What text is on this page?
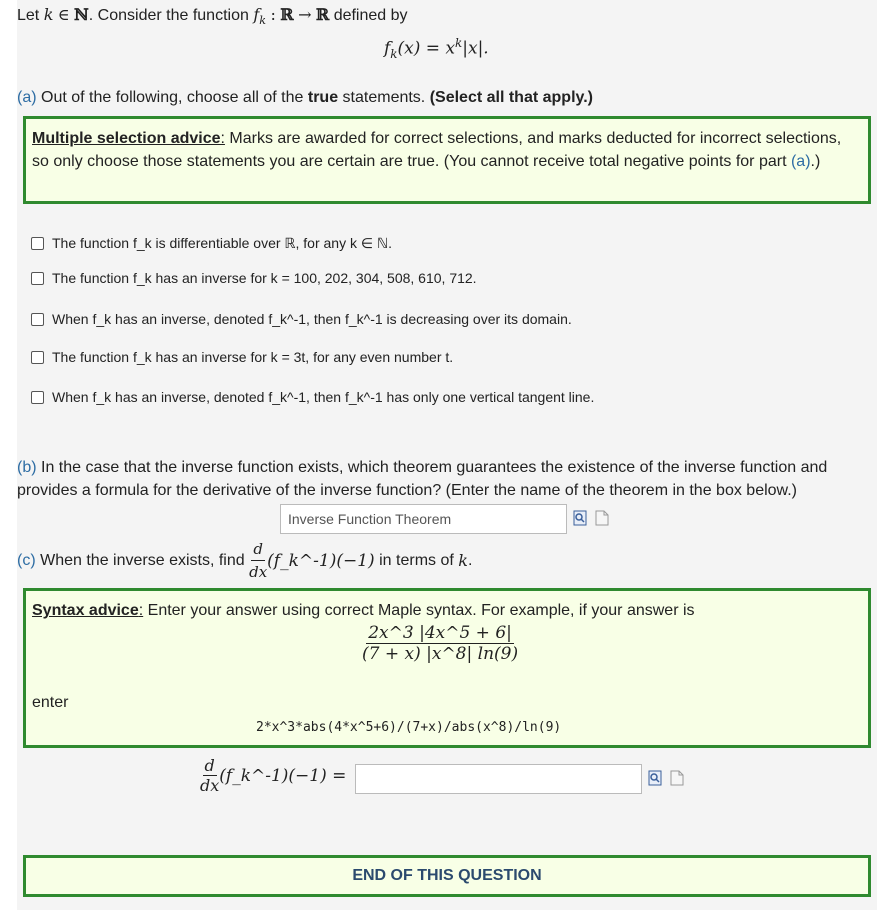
Let k ∈ ℕ. Consider the function $f_k$ : ℝ → ℝ defined by
$f_k(x) = x^k|x|$.
(a) Out of the following, choose all of the true statements. (Select all that apply.)
Multiple selection advice: Marks are awarded for correct selections, and marks deducted for incorrect selections, so only choose those statements you are certain are true. (You cannot receive total negative points for part (a).)
The function f_k is differentiable over ℝ, for any k ∈ ℕ.
The function f_k has an inverse for k = 100, 202, 304, 508, 610, 712.
When f_k has an inverse, denoted f_k^-1, then f_k^-1 is decreasing over its domain.
The function f_k has an inverse for k = 3t, for any even number t.
When f_k has an inverse, denoted f_k^-1, then f_k^-1 has only one vertical tangent line.
(b) In the case that the inverse function exists, which theorem guarantees the existence of the inverse function and provides a formula for the derivative of the inverse function? (Enter the name of the theorem in the box below.)
Inverse Function Theorem
(c)
When the inverse exists, find
$\frac{d}{dx}$ (f_k^-1)(−1)
in terms of
k .
Syntax advice: Enter your answer using correct Maple syntax. For example, if your answer is
$\frac{2x\^{}3 |4x\^{}5 + 6|}{(7 + x) |x\^{}8| \ln(9)}$
enter
2*x^3*abs(4*x^5+6)/(7+x)/abs(x^8)/ln(9)
$\frac{d}{dx}$ (f_k^-1)(−1) =
END OF THIS QUESTION
